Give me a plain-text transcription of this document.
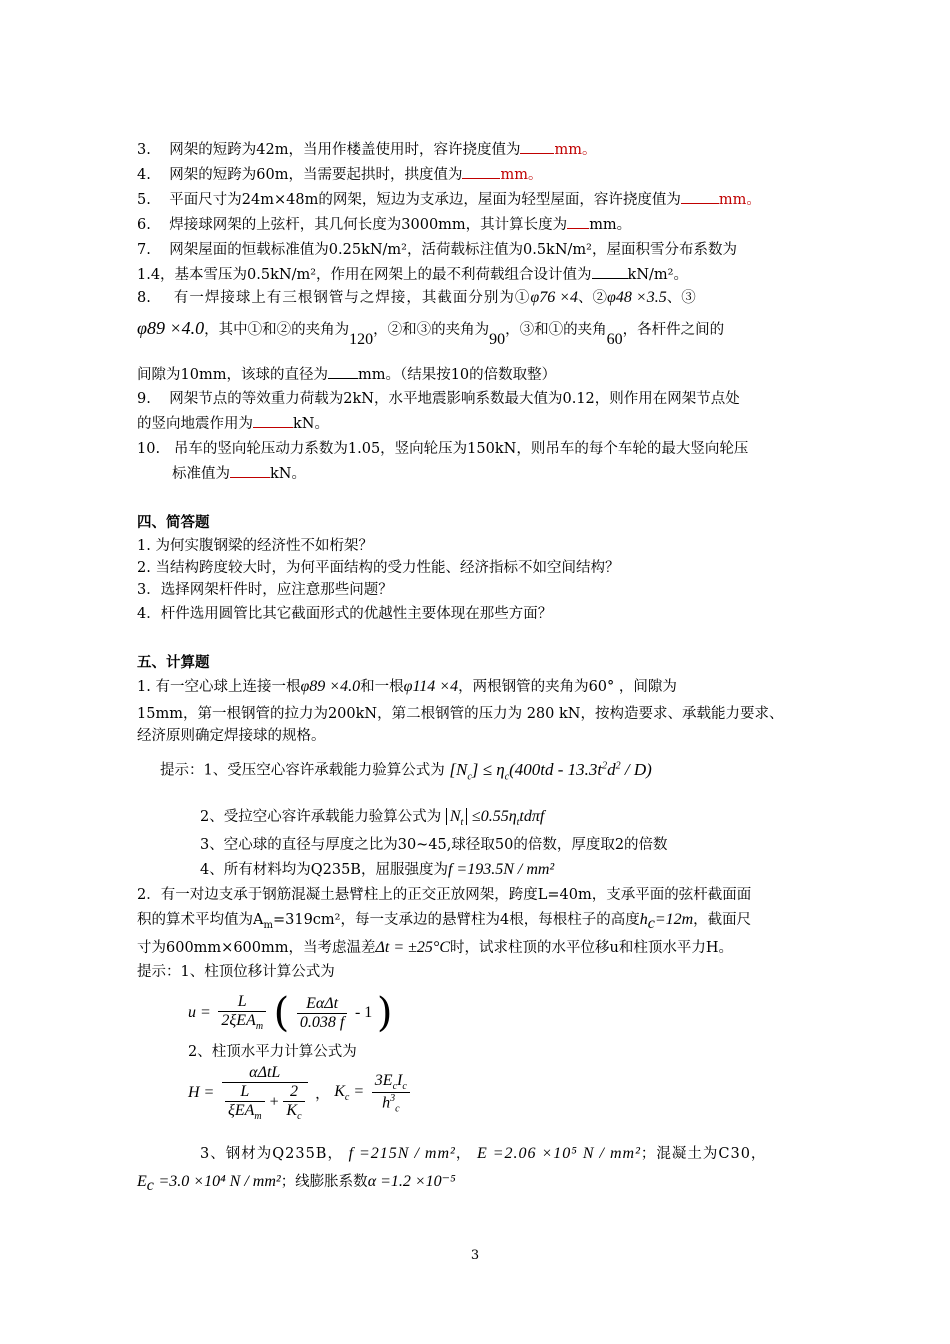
3. 网架的短跨为42m，当用作楼盖使用时，容许挠度值为 mm。
4. 网架的短跨为60m，当需要起拱时，拱度值为	mm。
5. 平面尺寸为24m×48m的网架，短边为支承边，屋面为轻型屋面，容许挠度值为	mm。
6. 焊接球网架的上弦杆，其几何长度为3000mm，其计算长度为 mm。
7. 网架屋面的恒载标准值为0.25kN/m²，活荷载标注值为0.5kN/m²，屋面积雪分布系数为
1.4，基本雪压为0.5kN/m²，作用在网架上的最不利荷载组合设计值为 kN/m²。
8. 有一焊接球上有三根钢管与之焊接，其截面分别为①φ76 ×4、②φ48 ×3.5、③
φ89 ×4.0，其中①和②的夹角为120，②和③的夹角为90，③和①的夹角60，各杆件之间的
间隙为10mm，该球的直径为 mm。（结果按10的倍数取整）
9. 网架节点的等效重力荷载为2kN，水平地震影响系数最大值为0.12，则作用在网架节点处
的竖向地震作用为	kN。
10. 吊车的竖向轮压动力系数为1.05，竖向轮压为150kN，则吊车的每个车轮的最大竖向轮压
标准值为	kN。
四、简答题
1. 为何实腹钢梁的经济性不如桁架？
2. 当结构跨度较大时，为何平面结构的受力性能、经济指标不如空间结构？
3．选择网架杆件时，应注意那些问题？
4．杆件选用圆管比其它截面形式的优越性主要体现在那些方面？
五、计算题
1. 有一空心球上连接一根φ89 ×4.0和一根φ114 ×4，两根钢管的夹角为60° ，间隙为
15mm，第一根钢管的拉力为200kN，第二根钢管的压力为 280 kN，按构造要求、承载能力要求、
经济原则确定焊接球的规格。
提示：1、受压空心容许承载能力验算公式为 $[N_c] \le \eta_c(400td - 13.3t^2d^2 / D)$
2、受拉空心容许承载能力验算公式为 $N_t \le 0.55\eta_ttd\pi f$
3、空心球的直径与厚度之比为30~45,球径取50的倍数，厚度取2的倍数
4、所有材料均为Q235B，屈服强度为f =193.5N / mm²
2．有一对边支承于钢筋混凝土悬臂柱上的正交正放网架，跨度L=40m，支承平面的弦杆截面面
积的算术平均值为$A_m=319cm^2$，每一支承边的悬臂柱为4根，每根柱子的高度$h_c=12m$，截面尺
寸为600mm×600mm，当考虑温差Δt = ±25°C时，试求柱顶的水平位移u和柱顶水平力H。
提示：1、柱顶位移计算公式为
$u = \frac{L}{2\xi EA_m}$ ( $\frac{\text{EαΔt}}{0.038 f} - 1$ )
2、柱顶水平力计算公式为
$H = \frac{\text{αΔtL}}{\frac{L}{\xi EA_m} + \frac{2}{K_c}}$ ， $K_c = \frac{3E_cI_c}{h^3_c}$
3、钢材为Q235B， f =215N / mm²， E =2.06 ×10⁵ N / mm²；混凝土为C30，
$E_c =3.0 \times 10^4$ N / mm²；线膨胀系数α =1.2 ×10⁻⁵
3
